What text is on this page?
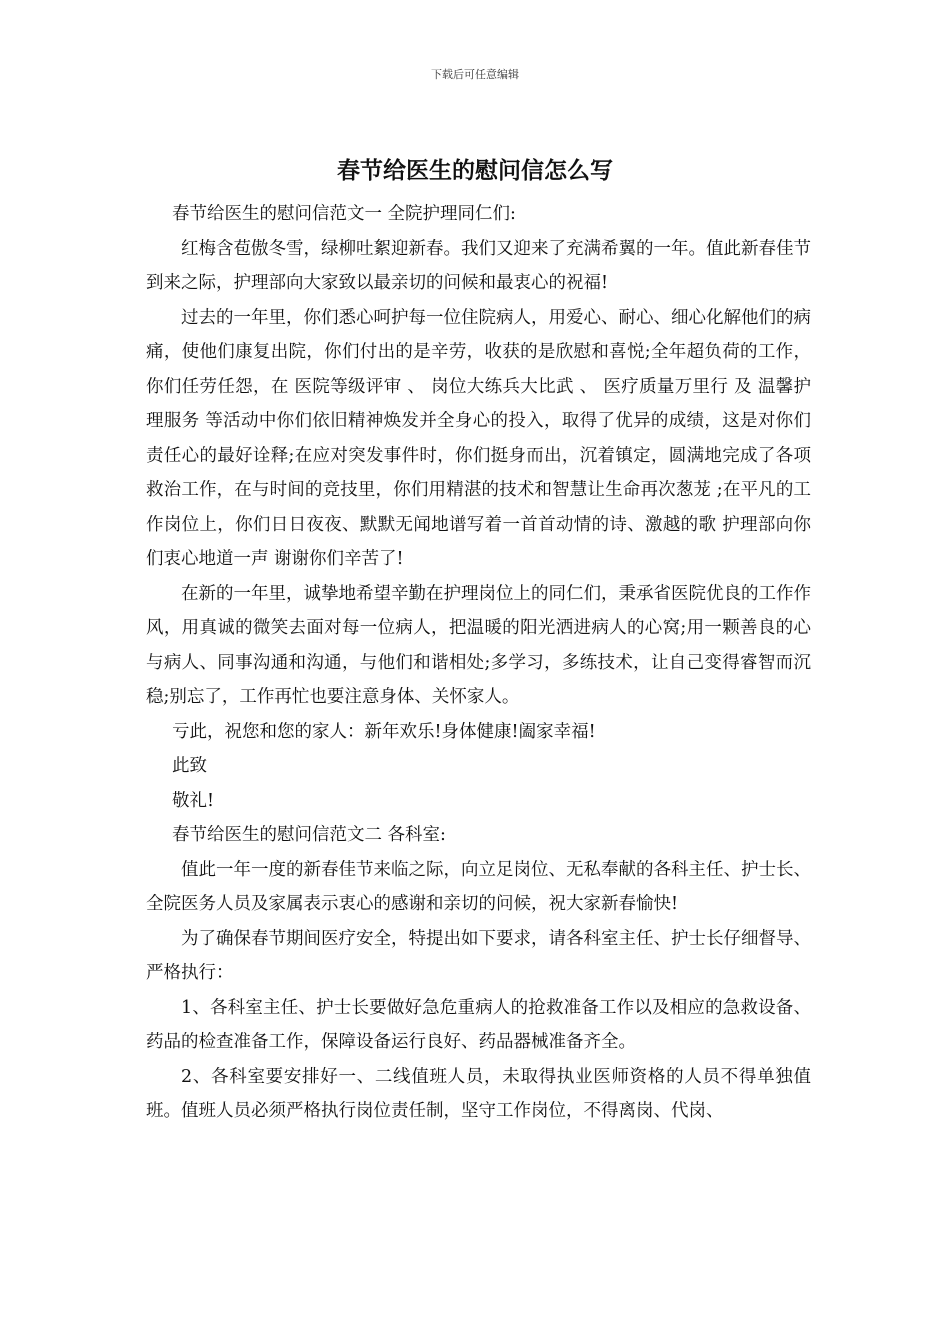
下载后可任意编辑
春节给医生的慰问信怎么写

春节给医生的慰问信范文一 全院护理同仁们:

红梅含苞傲冬雪，绿柳吐絮迎新春。我们又迎来了充满希翼的一年。值此新春佳节到来之际，护理部向大家致以最亲切的问候和最衷心的祝福!

过去的一年里，你们悉心呵护每一位住院病人，用爱心、耐心、细心化解他们的病痛，使他们康复出院，你们付出的是辛劳，收获的是欣慰和喜悦;全年超负荷的工作，你们任劳任怨，在 医院等级评审 、 岗位大练兵大比武 、 医疗质量万里行 及 温馨护理服务 等活动中你们依旧精神焕发并全身心的投入，取得了优异的成绩，这是对你们责任心的最好诠释;在应对突发事件时，你们挺身而出，沉着镇定，圆满地完成了各项救治工作，在与时间的竞技里，你们用精湛的技术和智慧让生命再次葱茏 ;在平凡的工作岗位上，你们日日夜夜、默默无闻地谱写着一首首动情的诗、激越的歌 护理部向你们衷心地道一声 谢谢你们辛苦了!

在新的一年里，诚挚地希望辛勤在护理岗位上的同仁们，秉承省医院优良的工作作风，用真诚的微笑去面对每一位病人，把温暖的阳光洒进病人的心窝;用一颗善良的心与病人、同事沟通和沟通，与他们和谐相处;多学习，多练技术，让自己变得睿智而沉稳;别忘了，工作再忙也要注意身体、关怀家人。

亏此，祝您和您的家人：新年欢乐!身体健康!阖家幸福!

此致

敬礼!

春节给医生的慰问信范文二 各科室:

值此一年一度的新春佳节来临之际，向立足岗位、无私奉献的各科主任、护士长、全院医务人员及家属表示衷心的感谢和亲切的问候，祝大家新春愉快!

为了确保春节期间医疗安全，特提出如下要求，请各科室主任、护士长仔细督导、严格执行：

1、各科室主任、护士长要做好急危重病人的抢救准备工作以及相应的急救设备、药品的检查准备工作，保障设备运行良好、药品器械准备齐全。

2、各科室要安排好一、二线值班人员，未取得执业医师资格的人员不得单独值班。值班人员必须严格执行岗位责任制，坚守工作岗位，不得离岗、代岗、
